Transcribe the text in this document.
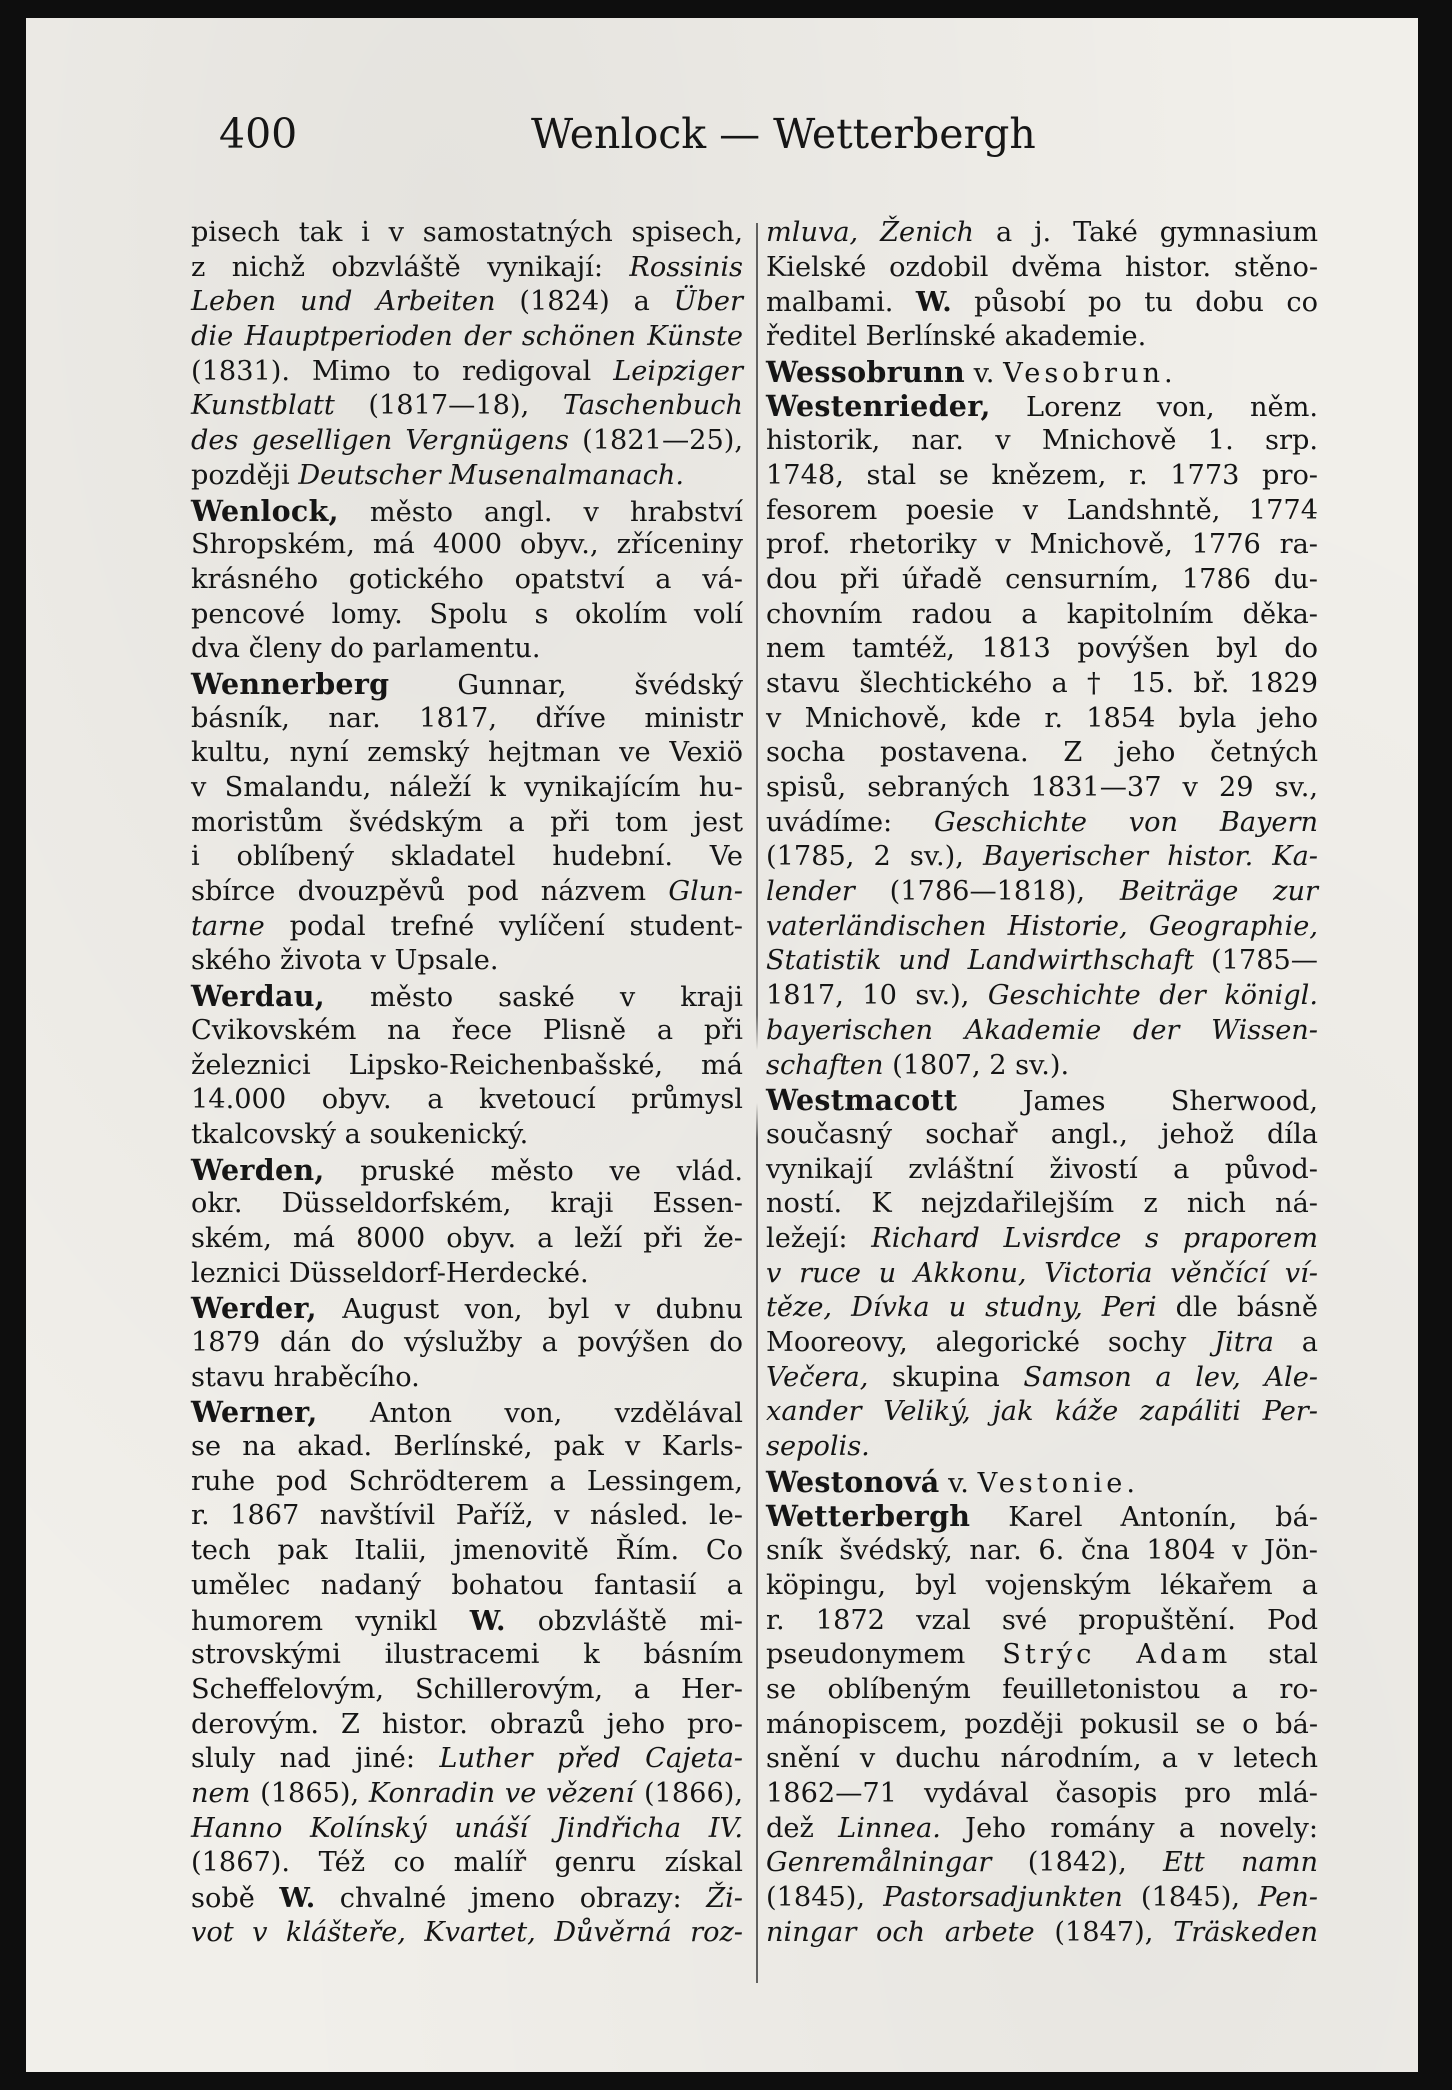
400	Wenlock — Wetterbergh
pisech tak i v samostatných spisech,
z nichž obzvláště vynikají: Rossinis
Leben und Arbeiten (1824) a Über
die Hauptperioden der schönen Künste
(1831). Mimo to redigoval Leipziger
Kunstblatt (1817—18), Taschenbuch
des geselligen Vergnügens (1821—25),
později Deutscher Musenalmanach.
Wenlock, město angl. v hrabství
Shropském, má 4000 obyv., zříceniny
krásného gotického opatství a vá-
pencové lomy. Spolu s okolím volí
dva členy do parlamentu.
Wennerberg Gunnar, švédský
básník, nar. 1817, dříve ministr
kultu, nyní zemský hejtman ve Vexiö
v Smalandu, náleží k vynikajícím hu-
moristům švédským a při tom jest
i oblíbený skladatel hudební. Ve
sbírce dvouzpěvů pod názvem Glun-
tarne podal trefné vylíčení student-
ského života v Upsale.
Werdau, město saské v kraji
Cvikovském na řece Plisně a při
železnici Lipsko-Reichenbašské, má
14.000 obyv. a kvetoucí průmysl
tkalcovský a soukenický.
Werden, pruské město ve vlád.
okr. Düsseldorfském, kraji Essen-
ském, má 8000 obyv. a leží při že-
leznici Düsseldorf-Herdecké.
Werder, August von, byl v dubnu
1879 dán do výslužby a povýšen do
stavu hraběcího.
Werner, Anton von, vzdělával
se na akad. Berlínské, pak v Karls-
ruhe pod Schrödterem a Lessingem,
r. 1867 navštívil Paříž, v násled. le-
tech pak Italii, jmenovitě Řím. Co
umělec nadaný bohatou fantasií a
humorem vynikl W. obzvláště mi-
strovskými ilustracemi k básním
Scheffelovým, Schillerovým, a Her-
derovým. Z histor. obrazů jeho pro-
sluly nad jiné: Luther před Cajeta-
nem (1865), Konradin ve vězení (1866),
Hanno Kolínský unáší Jindřicha IV.
(1867). Též co malíř genru získal
sobě W. chvalné jmeno obrazy: Ži-
vot v klášteře, Kvartet, Důvěrná roz-
mluva, Ženich a j. Také gymnasium
Kielské ozdobil dvěma histor. stěno-
malbami. W. působí po tu dobu co
ředitel Berlínské akademie.
Wessobrunn v. Vesobrun.
Westenrieder, Lorenz von, něm.
historik, nar. v Mnichově 1. srp.
1748, stal se knězem, r. 1773 pro-
fesorem poesie v Landshntě, 1774
prof. rhetoriky v Mnichově, 1776 ra-
dou při úřadě censurním, 1786 du-
chovním radou a kapitolním děka-
nem tamtéž, 1813 povýšen byl do
stavu šlechtického a † 15. bř. 1829
v Mnichově, kde r. 1854 byla jeho
socha postavena. Z jeho četných
spisů, sebraných 1831—37 v 29 sv.,
uvádíme: Geschichte von Bayern
(1785, 2 sv.), Bayerischer histor. Ka-
lender (1786—1818), Beiträge zur
vaterländischen Historie, Geographie,
Statistik und Landwirthschaft (1785—
1817, 10 sv.), Geschichte der königl.
bayerischen Akademie der Wissen-
schaften (1807, 2 sv.).
Westmacott James Sherwood,
současný sochař angl., jehož díla
vynikají zvláštní živostí a původ-
ností. K nejzdařilejším z nich ná-
ležejí: Richard Lvisrdce s praporem
v ruce u Akkonu, Victoria věnčící ví-
těze, Dívka u studny, Peri dle básně
Mooreovy, alegorické sochy Jitra a
Večera, skupina Samson a lev, Ale-
xander Veliký, jak káže zapáliti Per-
sepolis.
Westonová v. Vestonie.
Wetterbergh Karel Antonín, bá-
sník švédský, nar. 6. čna 1804 v Jön-
köpingu, byl vojenským lékařem a
r. 1872 vzal své propuštění. Pod
pseudonymem Strýc Adam stal
se oblíbeným feuilletonistou a ro-
mánopiscem, později pokusil se o bá-
snění v duchu národním, a v letech
1862—71 vydával časopis pro mlá-
dež Linnea. Jeho romány a novely:
Genremålningar (1842), Ett namn
(1845), Pastorsadjunkten (1845), Pen-
ningar och arbete (1847), Träskeden
